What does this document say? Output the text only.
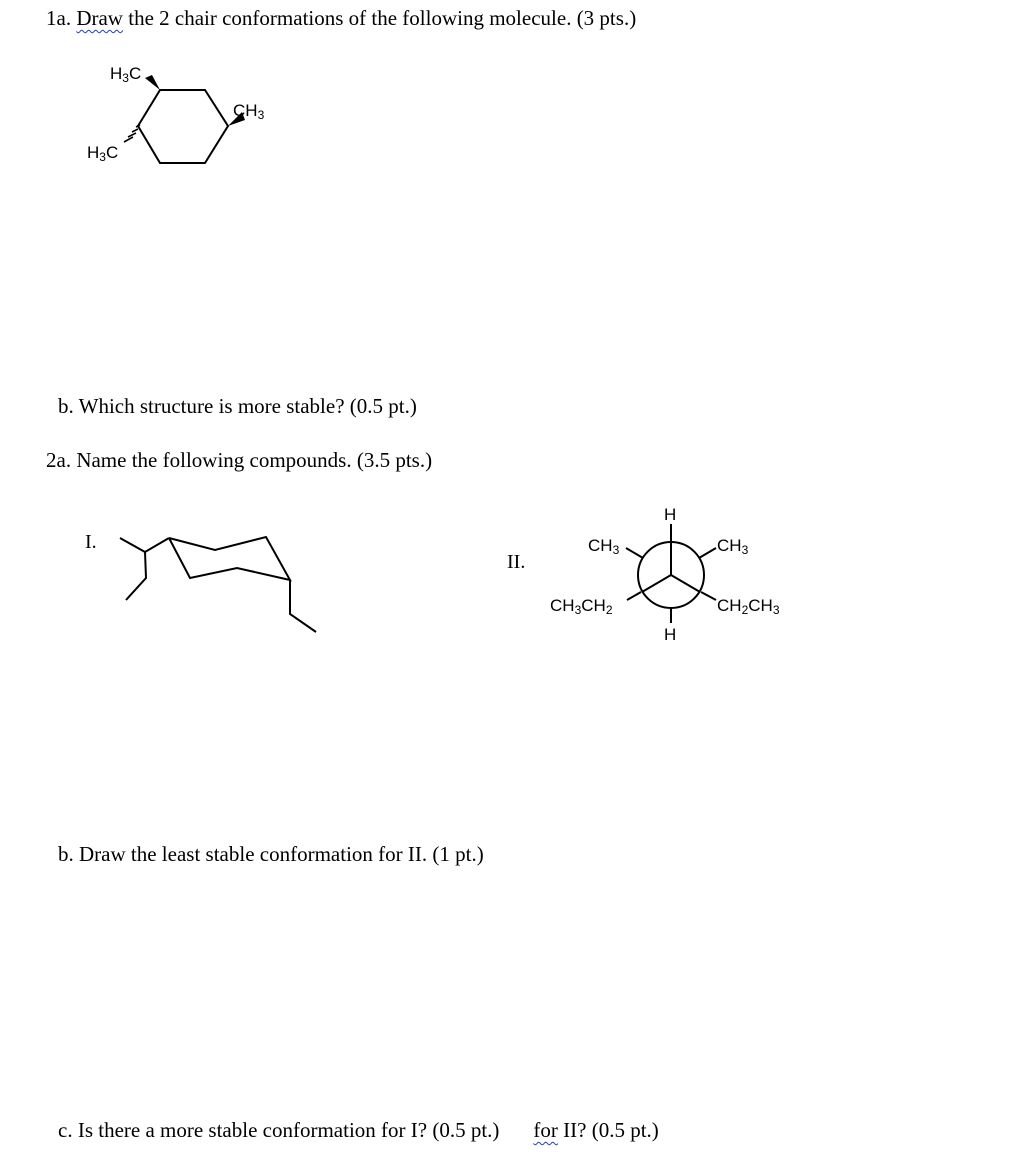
1a. Draw the 2 chair conformations of the following molecule. (3 pts.)
$H_3C$
$CH_3$
$H_3C$
b. Which structure is more stable? (0.5 pt.)
2a. Name the following compounds. (3.5 pts.)
I.
II.
H
H
$CH_3$	$CH_3$
$CH_3CH_2$	$CH_2CH_3$
b. Draw the least stable conformation for II. (1 pt.)
c. Is there a more stable conformation for I? (0.5 pt.) for II? (0.5 pt.)
